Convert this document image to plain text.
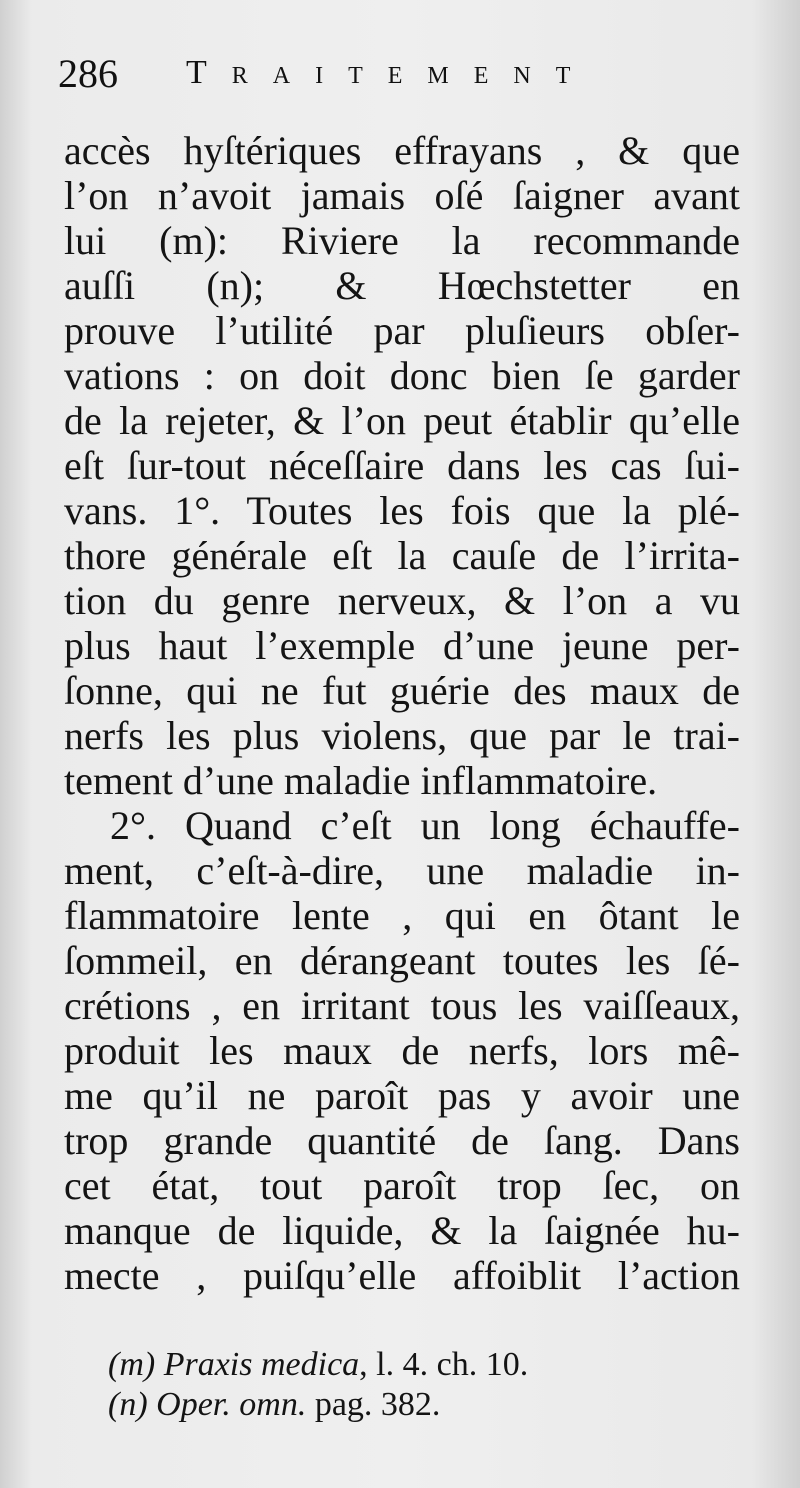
286 Traitement
accès hyſtériques effrayans , & que
l’on n’avoit jamais oſé ſaigner avant
lui (m): Riviere la recommande
auſſi (n); & Hœchstetter en
prouve l’utilité par pluſieurs obſer-
vations : on doit donc bien ſe garder
de la rejeter, & l’on peut établir qu’elle
eſt ſur-tout néceſſaire dans les cas ſui-
vans. 1°. Toutes les fois que la plé-
thore générale eſt la cauſe de l’irrita-
tion du genre nerveux, & l’on a vu
plus haut l’exemple d’une jeune per-
ſonne, qui ne fut guérie des maux de
nerfs les plus violens, que par le trai-
tement d’une maladie inflammatoire.
2°. Quand c’eſt un long échauffe-
ment, c’eſt-à-dire, une maladie in-
flammatoire lente , qui en ôtant le
ſommeil, en dérangeant toutes les ſé-
crétions , en irritant tous les vaiſſeaux,
produit les maux de nerfs, lors mê-
me qu’il ne paroît pas y avoir une
trop grande quantité de ſang. Dans
cet état, tout paroît trop ſec, on
manque de liquide, & la ſaignée hu-
mecte , puiſqu’elle affoiblit l’action
(m) Praxis medica, l. 4. ch. 10.
(n) Oper. omn. pag. 382.
